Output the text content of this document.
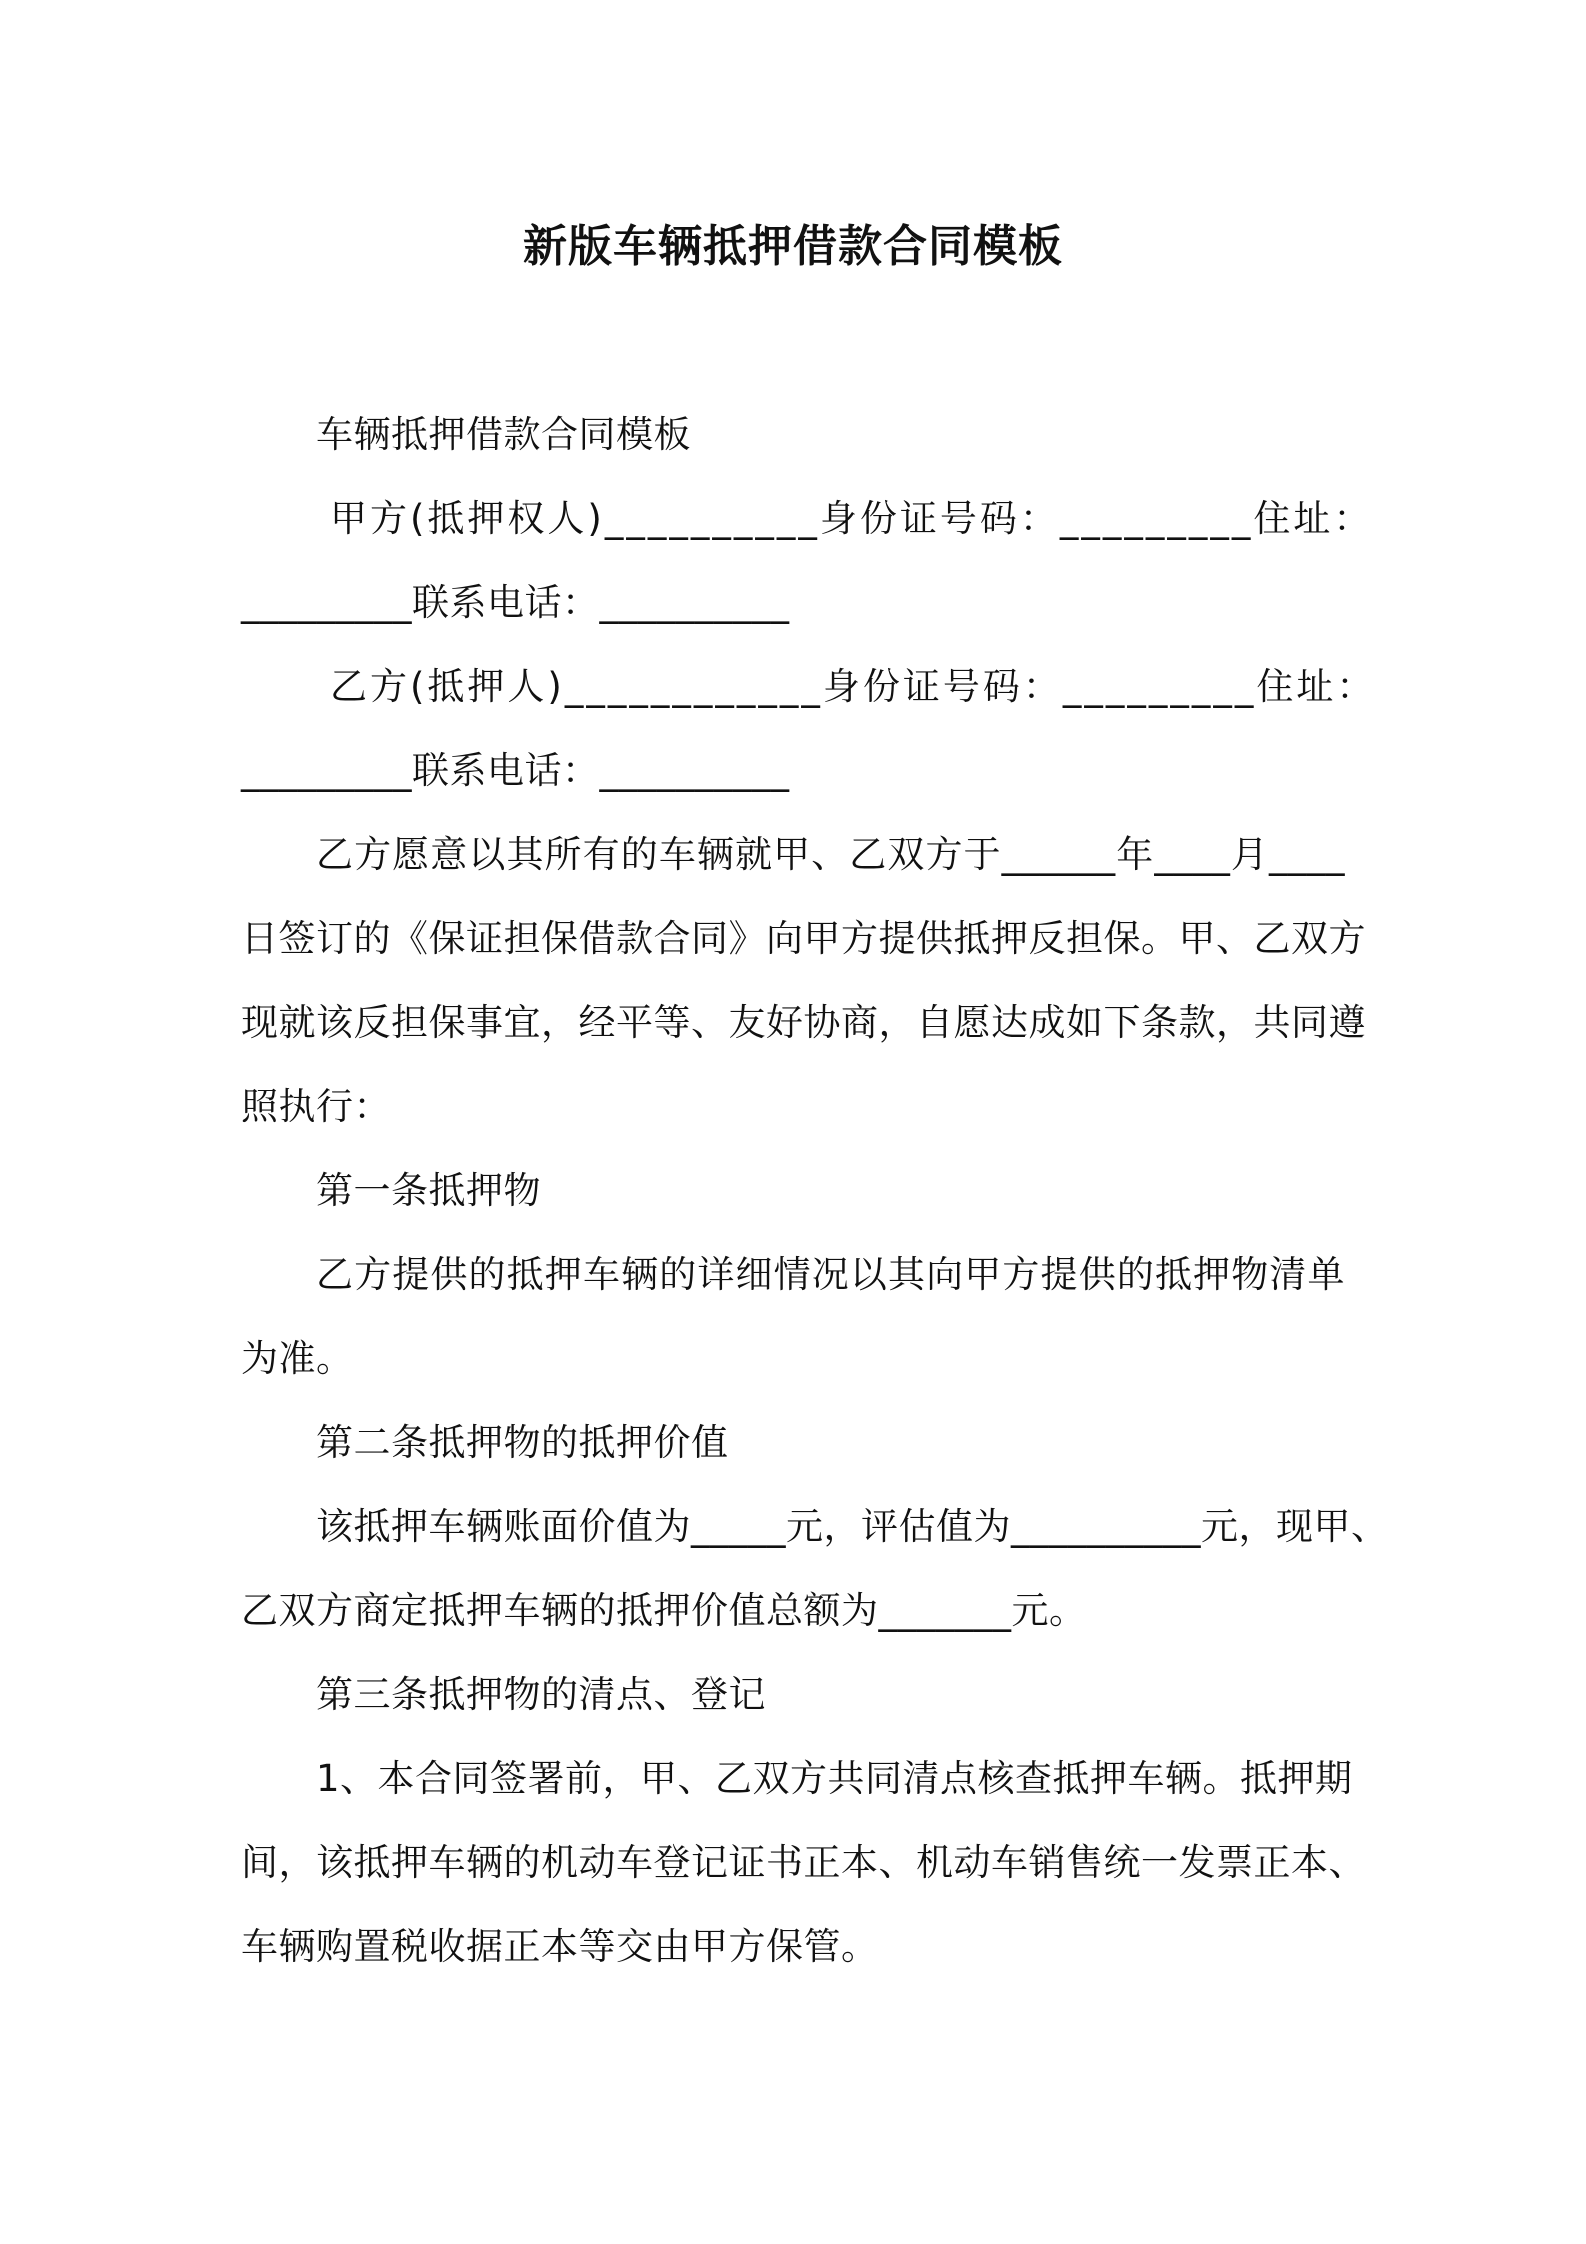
新版车辆抵押借款合同模板
车辆抵押借款合同模板
甲方(抵押权人)__________身份证号码：_________住址：
_________联系电话：__________
乙方(抵押人)____________身份证号码：_________住址：
_________联系电话：__________
乙方愿意以其所有的车辆就甲、乙双方于______年____月____
日签订的《保证担保借款合同》向甲方提供抵押反担保。甲、乙双方
现就该反担保事宜，经平等、友好协商，自愿达成如下条款，共同遵
照执行：
第一条抵押物
乙方提供的抵押车辆的详细情况以其向甲方提供的抵押物清单
为准。
第二条抵押物的抵押价值
该抵押车辆账面价值为_____元，评估值为__________元，现甲、
乙双方商定抵押车辆的抵押价值总额为_______元。
第三条抵押物的清点、登记
1、本合同签署前，甲、乙双方共同清点核查抵押车辆。抵押期
间，该抵押车辆的机动车登记证书正本、机动车销售统一发票正本、
车辆购置税收据正本等交由甲方保管。
